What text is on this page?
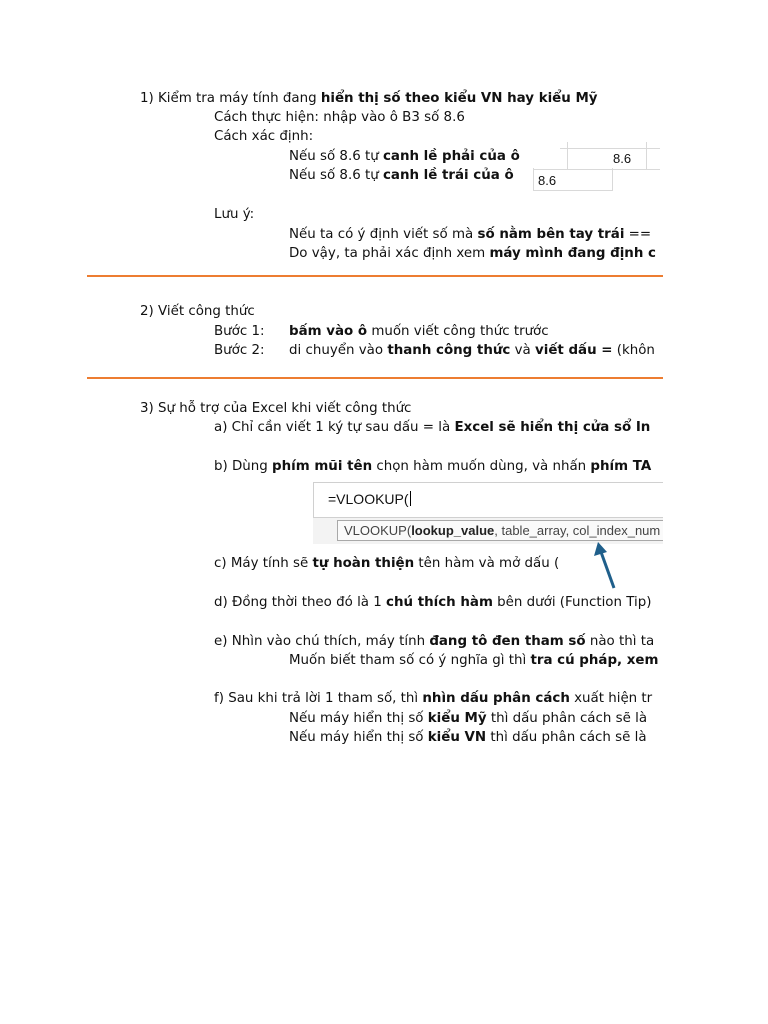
1) Kiểm tra máy tính đang hiển thị số theo kiểu VN hay kiểu Mỹ
Cách thực hiện: nhập vào ô B3 số 8.6
Cách xác định:
Nếu số 8.6 tự canh lề phải của ô
Nếu số 8.6 tự canh lề trái của ô
8.6
8.6
Lưu ý:
Nếu ta có ý định viết số mà số nằm bên tay trái ==
Do vậy, ta phải xác định xem máy mình đang định c
2) Viết công thức
Bước 1: bấm vào ô muốn viết công thức trước
Bước 2: di chuyển vào thanh công thức và viết dấu = (khôn
3) Sự hỗ trợ của Excel khi viết công thức
a) Chỉ cần viết 1 ký tự sau dấu = là Excel sẽ hiển thị cửa sổ In
b) Dùng phím mũi tên chọn hàm muốn dùng, và nhấn phím TA
=VLOOKUP(
VLOOKUP(lookup_value, table_array, col_index_num
c) Máy tính sẽ tự hoàn thiện tên hàm và mở dấu (
d) Đồng thời theo đó là 1 chú thích hàm bên dưới (Function Tip)
e) Nhìn vào chú thích, máy tính đang tô đen tham số nào thì ta
Muốn biết tham số có ý nghĩa gì thì tra cú pháp, xem
f) Sau khi trả lời 1 tham số, thì nhìn dấu phân cách xuất hiện tr
Nếu máy hiển thị số kiểu Mỹ thì dấu phân cách sẽ là
Nếu máy hiển thị số kiểu VN thì dấu phân cách sẽ là
